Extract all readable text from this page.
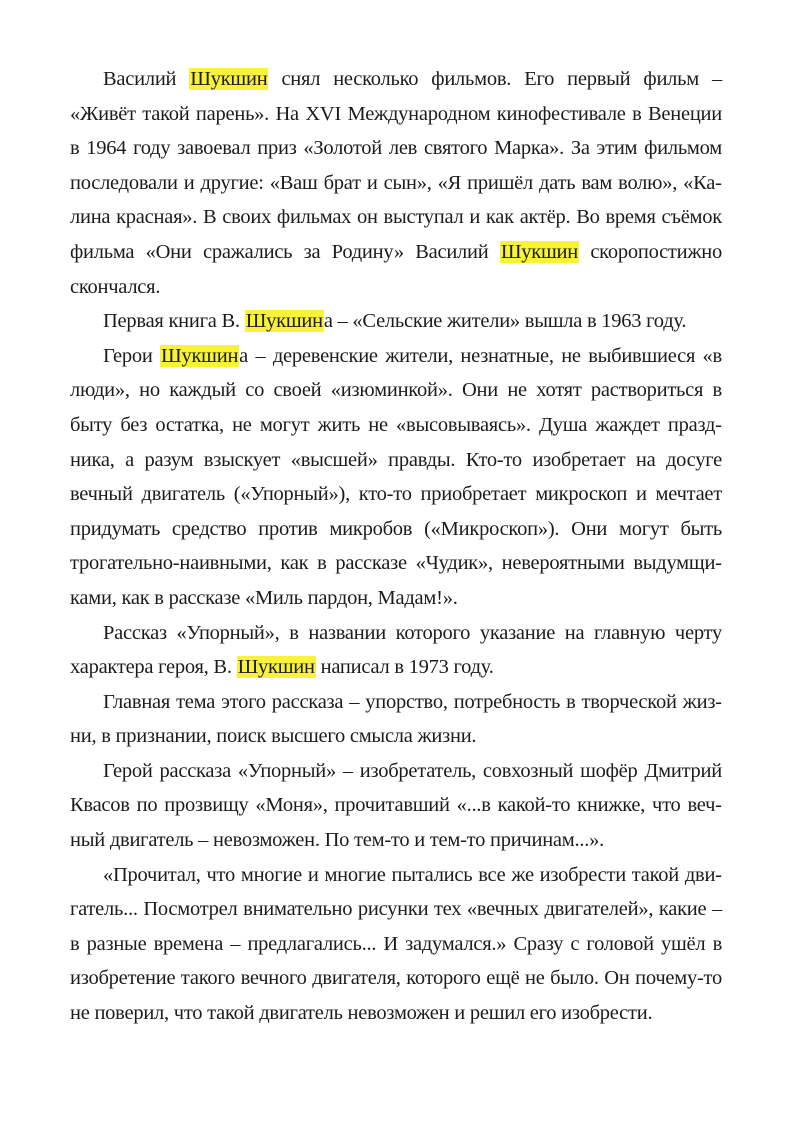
Василий Шукшин снял несколько фильмов. Его первый фильм – «Живёт такой парень». На XVI Международном кинофестивале в Венеции в 1964 году завоевал приз «Золотой лев святого Марка». За этим фильмом последовали и другие: «Ваш брат и сын», «Я пришёл дать вам волю», «Калина красная». В своих фильмах он выступал и как актёр. Во время съёмок фильма «Они сражались за Родину» Василий Шукшин скоропостижно скончался.

Первая книга В. Шукшина – «Сельские жители» вышла в 1963 году.

Герои Шукшина – деревенские жители, незнатные, не выбившиеся «в люди», но каждый со своей «изюминкой». Они не хотят раствориться в быту без остатка, не могут жить не «высовываясь». Душа жаждет праздника, а разум взыскует «высшей» правды. Кто-то изобретает на досуге вечный двигатель («Упорный»), кто-то приобретает микроскоп и мечтает придумать средство против микробов («Микроскоп»). Они могут быть трогательно-наивными, как в рассказе «Чудик», невероятными выдумщиками, как в рассказе «Миль пардон, Мадам!».

Рассказ «Упорный», в названии которого указание на главную черту характера героя, В. Шукшин написал в 1973 году.

Главная тема этого рассказа – упорство, потребность в творческой жизни, в признании, поиск высшего смысла жизни.

Герой рассказа «Упорный» – изобретатель, совхозный шофёр Дмитрий Квасов по прозвищу «Моня», прочитавший «...в какой-то книжке, что вечный двигатель – невозможен. По тем-то и тем-то причинам...».

«Прочитал, что многие и многие пытались все же изобрести такой двигатель... Посмотрел внимательно рисунки тех «вечных двигателей», какие – в разные времена – предлагались... И задумался.» Сразу с головой ушёл в изобретение такого вечного двигателя, которого ещё не было. Он почему-то не поверил, что такой двигатель невозможен и решил его изобрести.
